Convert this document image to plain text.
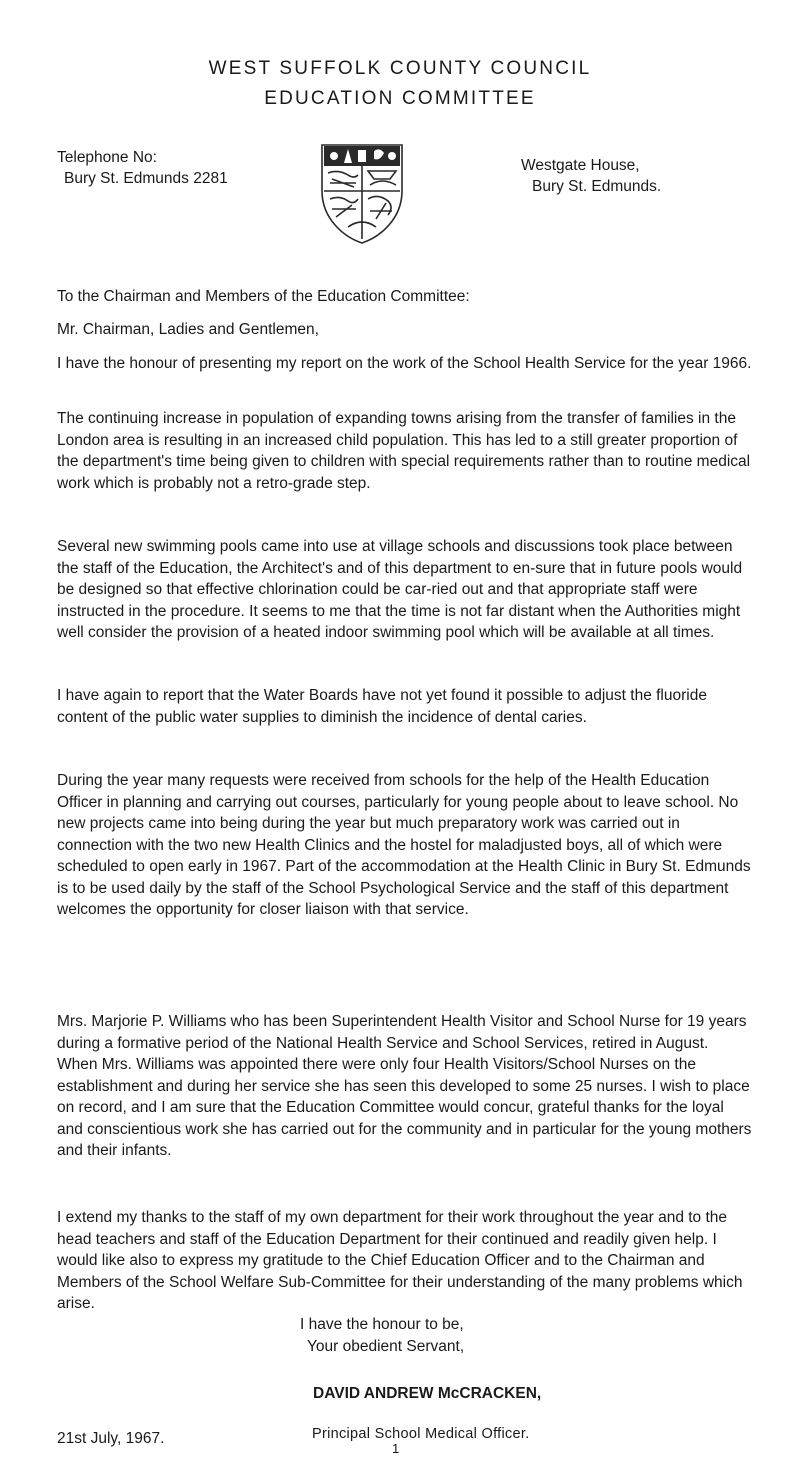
WEST SUFFOLK COUNTY COUNCIL
EDUCATION COMMITTEE
Telephone No:
Bury St. Edmunds 2281
Westgate House,
Bury St. Edmunds.
To the Chairman and Members of the Education Committee:
Mr. Chairman, Ladies and Gentlemen,

I have the honour of presenting my report on the work of the School Health Service for the year 1966.

The continuing increase in population of expanding towns arising from the transfer of families in the London area is resulting in an increased child population. This has led to a still greater proportion of the department's time being given to children with special requirements rather than to routine medical work which is probably not a retro-grade step.

Several new swimming pools came into use at village schools and discussions took place between the staff of the Education, the Architect's and of this department to en-sure that in future pools would be designed so that effective chlorination could be car-ried out and that appropriate staff were instructed in the procedure. It seems to me that the time is not far distant when the Authorities might well consider the provision of a heated indoor swimming pool which will be available at all times.

I have again to report that the Water Boards have not yet found it possible to adjust the fluoride content of the public water supplies to diminish the incidence of dental caries.

During the year many requests were received from schools for the help of the Health Education Officer in planning and carrying out courses, particularly for young people about to leave school. No new projects came into being during the year but much preparatory work was carried out in connection with the two new Health Clinics and the hostel for maladjusted boys, all of which were scheduled to open early in 1967. Part of the accommodation at the Health Clinic in Bury St. Edmunds is to be used daily by the staff of the School Psychological Service and the staff of this department welcomes the opportunity for closer liaison with that service.

Mrs. Marjorie P. Williams who has been Superintendent Health Visitor and School Nurse for 19 years during a formative period of the National Health Service and School Services, retired in August. When Mrs. Williams was appointed there were only four Health Visitors/School Nurses on the establishment and during her service she has seen this developed to some 25 nurses. I wish to place on record, and I am sure that the Education Committee would concur, grateful thanks for the loyal and conscientious work she has carried out for the community and in particular for the young mothers and their infants.

I extend my thanks to the staff of my own department for their work throughout the year and to the head teachers and staff of the Education Department for their continued and readily given help. I would like also to express my gratitude to the Chief Education Officer and to the Chairman and Members of the School Welfare Sub-Committee for their understanding of the many problems which arise.

I have the honour to be,
Your obedient Servant,
DAVID ANDREW McCRACKEN,
Principal School Medical Officer.
21st July, 1967.
1
